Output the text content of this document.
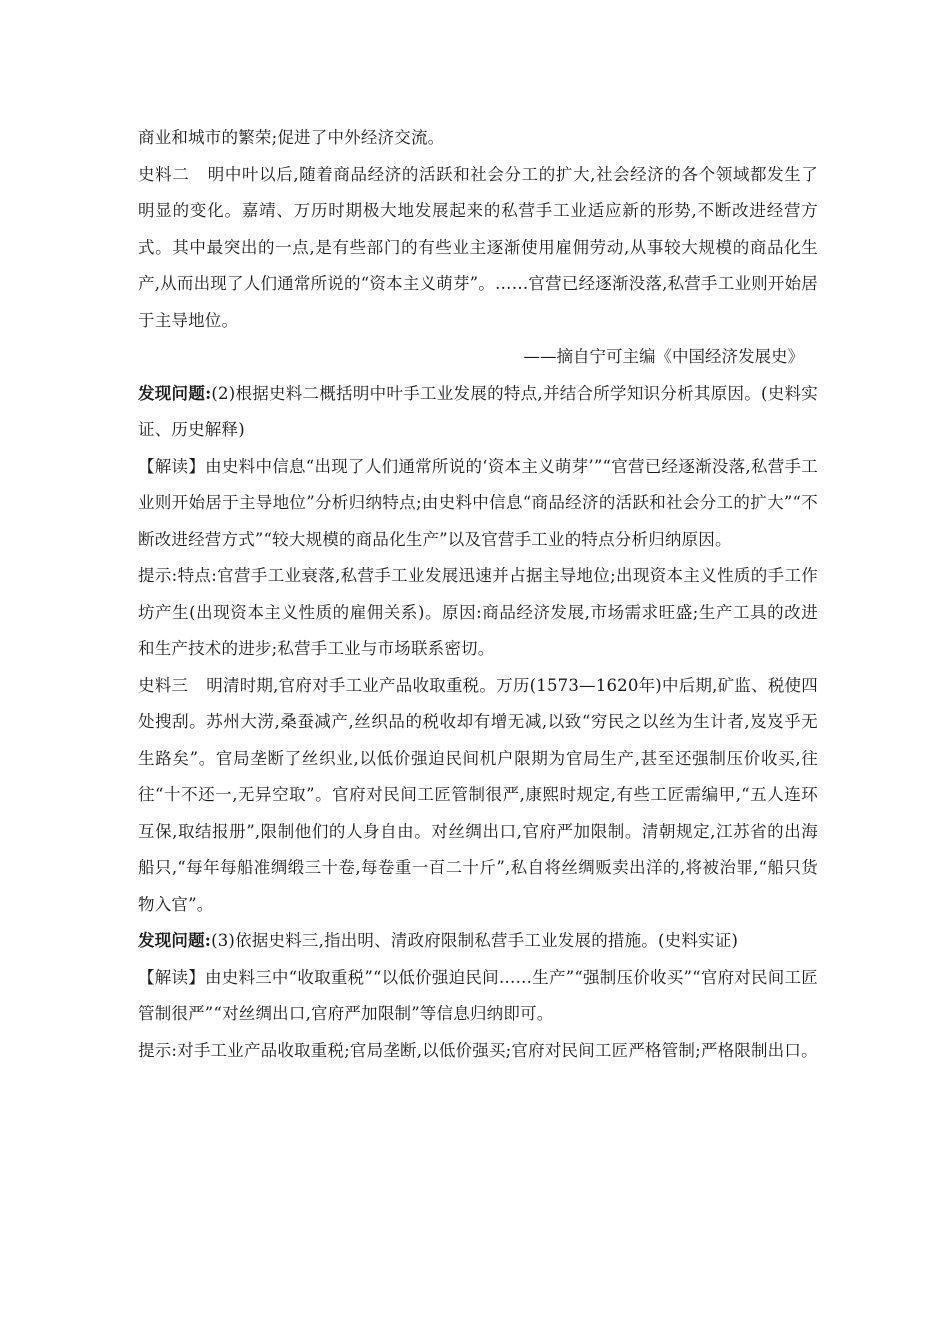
商业和城市的繁荣;促进了中外经济交流。

史料二 明中叶以后,随着商品经济的活跃和社会分工的扩大,社会经济的各个领域都发生了明显的变化。嘉靖、万历时期极大地发展起来的私营手工业适应新的形势,不断改进经营方式。其中最突出的一点,是有些部门的有些业主逐渐使用雇佣劳动,从事较大规模的商品化生产,从而出现了人们通常所说的“资本主义萌芽”。……官营已经逐渐没落,私营手工业则开始居于主导地位。

——摘自宁可主编《中国经济发展史》

发现问题:(2)根据史料二概括明中叶手工业发展的特点,并结合所学知识分析其原因。(史料实证、历史解释)

【解读】由史料中信息“出现了人们通常所说的‘资本主义萌芽’”“官营已经逐渐没落,私营手工业则开始居于主导地位”分析归纳特点;由史料中信息“商品经济的活跃和社会分工的扩大”“不断改进经营方式”“较大规模的商品化生产”以及官营手工业的特点分析归纳原因。

提示:特点:官营手工业衰落,私营手工业发展迅速并占据主导地位;出现资本主义性质的手工作坊产生(出现资本主义性质的雇佣关系)。原因:商品经济发展,市场需求旺盛;生产工具的改进和生产技术的进步;私营手工业与市场联系密切。

史料三 明清时期,官府对手工业产品收取重税。万历(1573—1620年)中后期,矿监、税使四处搜刮。苏州大涝,桑蚕减产,丝织品的税收却有增无减,以致“穷民之以丝为生计者,岌岌乎无生路矣”。官局垄断了丝织业,以低价强迫民间机户限期为官局生产,甚至还强制压价收买,往往“十不还一,无异空取”。官府对民间工匠管制很严,康熙时规定,有些工匠需编甲,“五人连环互保,取结报册”,限制他们的人身自由。对丝绸出口,官府严加限制。清朝规定,江苏省的出海船只,“每年每船准绸缎三十卷,每卷重一百二十斤”,私自将丝绸贩卖出洋的,将被治罪,“船只货物入官”。

发现问题:(3)依据史料三,指出明、清政府限制私营手工业发展的措施。(史料实证)

【解读】由史料三中“收取重税”“以低价强迫民间……生产”“强制压价收买”“官府对民间工匠管制很严”“对丝绸出口,官府严加限制”等信息归纳即可。

提示:对手工业产品收取重税;官局垄断,以低价强买;官府对民间工匠严格管制;严格限制出口。
